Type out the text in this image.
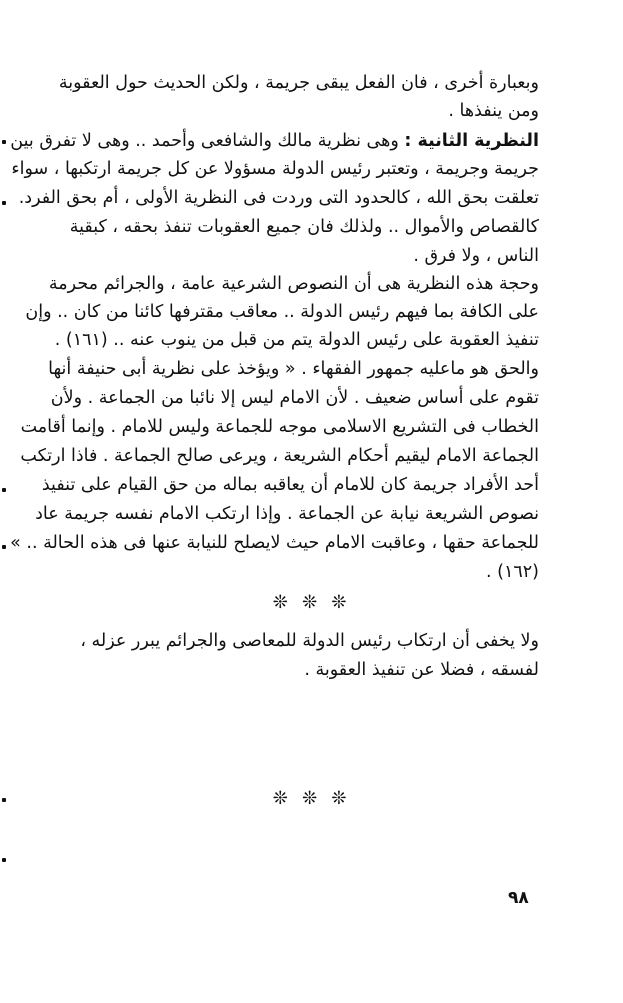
وبعبارة أخرى ، فان الفعل يبقى جريمة ، ولكن الحديث حول العقوبة
ومن ينفذها .
النظرية الثانية : وهى نظرية مالك والشافعى وأحمد .. وهى لا تفرق بين
جريمة وجريمة ، وتعتبر رئيس الدولة مسؤولا عن كل جريمة ارتكبها ، سواء
تعلقت بحق الله ، كالحدود التى وردت فى النظرية الأولى ، أم بحق الفرد.
كالقصاص والأموال .. ولذلك فان جميع العقوبات تنفذ بحقه ، كبقية
الناس ، ولا فرق .
وحجة هذه النظرية هى أن النصوص الشرعية عامة ، والجرائم محرمة
على الكافة بما فيهم رئيس الدولة .. معاقب مقترفها كائنا من كان .. وإن
تنفيذ العقوبة على رئيس الدولة يتم من قبل من ينوب عنه .. (١٦١) .
والحق هو ماعليه جمهور الفقهاء . « ويؤخذ على نظرية أبى حنيفة أنها
تقوم على أساس ضعيف . لأن الامام ليس إلا نائبا من الجماعة . ولأن
الخطاب فى التشريع الاسلامى موجه للجماعة وليس للامام . وإنما أقامت
الجماعة الامام ليقيم أحكام الشريعة ، ويرعى صالح الجماعة . فاذا ارتكب
أحد الأفراد جريمة كان للامام أن يعاقبه بماله من حق القيام على تنفيذ
نصوص الشريعة نيابة عن الجماعة . وإذا ارتكب الامام نفسه جريمة عاد
للجماعة حقها ، وعاقبت الامام حيث لايصلح للنيابة عنها فى هذه الحالة .. »
. (١٦٢)
❊ ❊ ❊
ولا يخفى أن ارتكاب رئيس الدولة للمعاصى والجرائم يبرر عزله ،
لفسقه ، فضلا عن تنفيذ العقوبة .
❊ ❊ ❊
٩٨
